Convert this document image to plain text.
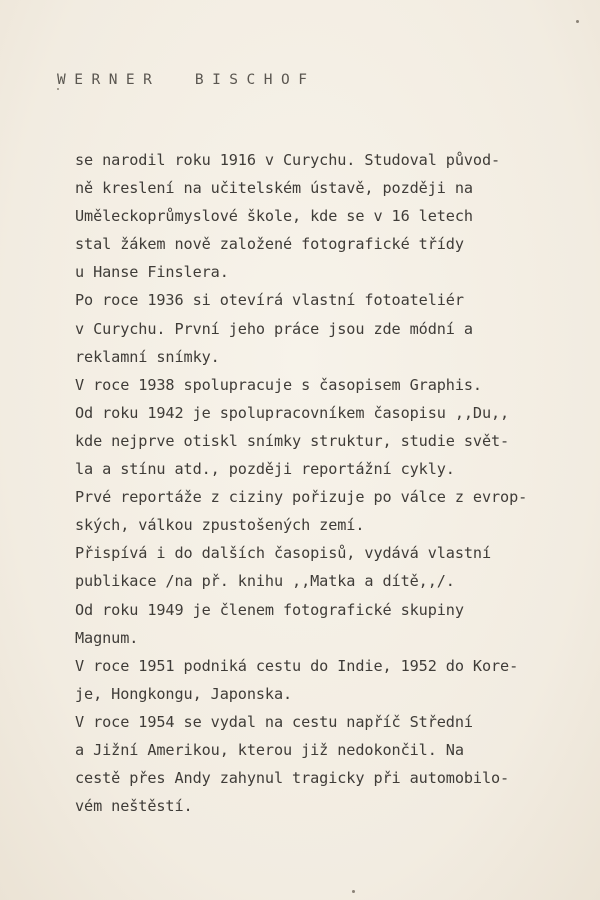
WERNER  BISCHOF
se narodil roku 1916 v Curychu. Studoval původ-
ně kreslení na učitelském ústavě, později na
Uměleckoprůmyslové škole, kde se v 16 letech
stal žákem nově založené fotografické třídy
u Hanse Finslera.
Po roce 1936 si otevírá vlastní fotoateliér
v Curychu. První jeho práce jsou zde módní a
reklamní snímky.
V roce 1938 spolupracuje s časopisem Graphis.
Od roku 1942 je spolupracovníkem časopisu ,,Du,,
kde nejprve otiskl snímky struktur, studie svět-
la a stínu atd., později reportážní cykly.
Prvé reportáže z ciziny pořizuje po válce z evrop-
ských, válkou zpustošených zemí.
Přispívá i do dalších časopisů, vydává vlastní
publikace /na př. knihu ,,Matka a dítě,,/.
Od roku 1949 je členem fotografické skupiny
Magnum.
V roce 1951 podniká cestu do Indie, 1952 do Kore-
je, Hongkongu, Japonska.
V roce 1954 se vydal na cestu napříč Střední
a Jižní Amerikou, kterou již nedokončil. Na
cestě přes Andy zahynul tragicky při automobilo-
vém neštěstí.
